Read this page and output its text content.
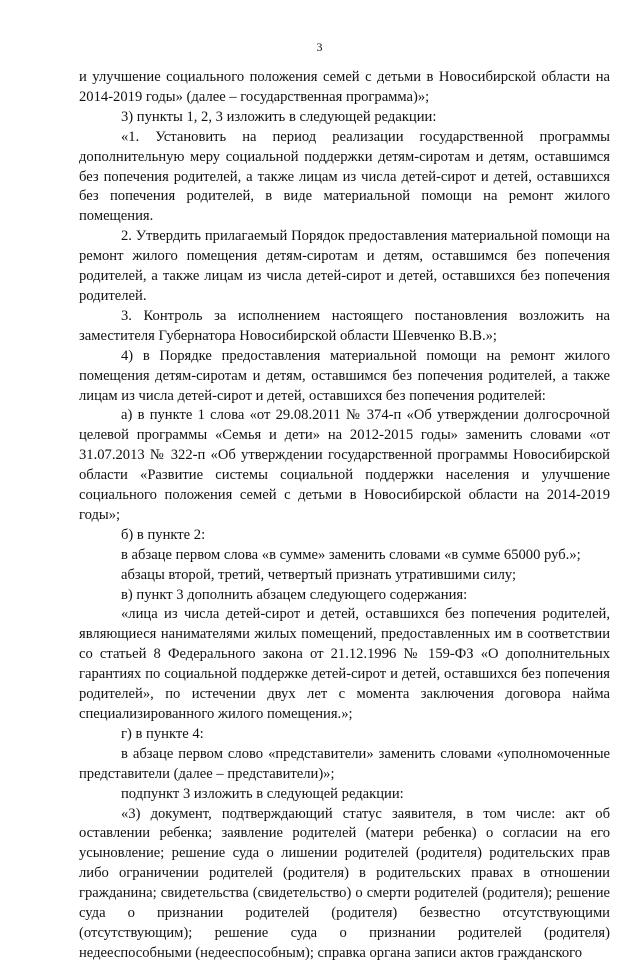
3

и улучшение социального положения семей с детьми в Новосибирской области на 2014-2019 годы» (далее – государственная программа)»;

3) пункты 1, 2, 3 изложить в следующей редакции:

«1. Установить на период реализации государственной программы дополнительную меру социальной поддержки детям-сиротам и детям, оставшимся без попечения родителей, а также лицам из числа детей-сирот и детей, оставшихся без попечения родителей, в виде материальной помощи на ремонт жилого помещения.

2. Утвердить прилагаемый Порядок предоставления материальной помощи на ремонт жилого помещения детям-сиротам и детям, оставшимся без попечения родителей, а также лицам из числа детей-сирот и детей, оставшихся без попечения родителей.

3. Контроль за исполнением настоящего постановления возложить на заместителя Губернатора Новосибирской области Шевченко В.В.»;

4) в Порядке предоставления материальной помощи на ремонт жилого помещения детям-сиротам и детям, оставшимся без попечения родителей, а также лицам из числа детей-сирот и детей, оставшихся без попечения родителей:

а) в пункте 1 слова «от 29.08.2011 № 374-п «Об утверждении долгосрочной целевой программы «Семья и дети» на 2012-2015 годы» заменить словами «от 31.07.2013 № 322-п «Об утверждении государственной программы Новосибирской области «Развитие системы социальной поддержки населения и улучшение социального положения семей с детьми в Новосибирской области на 2014-2019 годы»;

б) в пункте 2:

в абзаце первом слова «в сумме» заменить словами «в сумме 65000 руб.»;

абзацы второй, третий, четвертый признать утратившими силу;

в) пункт 3 дополнить абзацем следующего содержания:

«лица из числа детей-сирот и детей, оставшихся без попечения родителей, являющиеся нанимателями жилых помещений, предоставленных им в соответствии со статьей 8 Федерального закона от 21.12.1996 № 159-ФЗ «О дополнительных гарантиях по социальной поддержке детей-сирот и детей, оставшихся без попечения родителей», по истечении двух лет с момента заключения договора найма специализированного жилого помещения.»;

г) в пункте 4:

в абзаце первом слово «представители» заменить словами «уполномоченные представители (далее – представители)»;

подпункт 3 изложить в следующей редакции:

«3) документ, подтверждающий статус заявителя, в том числе: акт об оставлении ребенка; заявление родителей (матери ребенка) о согласии на его усыновление; решение суда о лишении родителей (родителя) родительских прав либо ограничении родителей (родителя) в родительских правах в отношении гражданина; свидетельства (свидетельство) о смерти родителей (родителя); решение суда о признании родителей (родителя) безвестно отсутствующими (отсутствующим); решение суда о признании родителей (родителя) недееспособными (недееспособным); справка органа записи актов гражданского
